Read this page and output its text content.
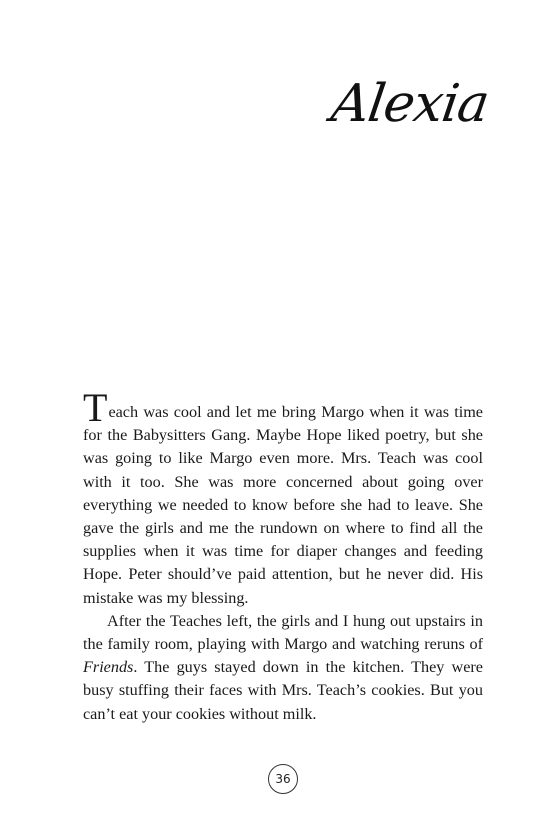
Alexia

Teach was cool and let me bring Margo when it was time for the Babysitters Gang. Maybe Hope liked poetry, but she was going to like Margo even more. Mrs. Teach was cool with it too. She was more concerned about going over everything we needed to know before she had to leave. She gave the girls and me the rundown on where to find all the supplies when it was time for diaper changes and feeding Hope. Peter should’ve paid attention, but he never did. His mistake was my blessing.

After the Teaches left, the girls and I hung out upstairs in the family room, playing with Margo and watching reruns of Friends. The guys stayed down in the kitchen. They were busy stuffing their faces with Mrs. Teach’s cookies. But you can’t eat your cookies without milk.

36
